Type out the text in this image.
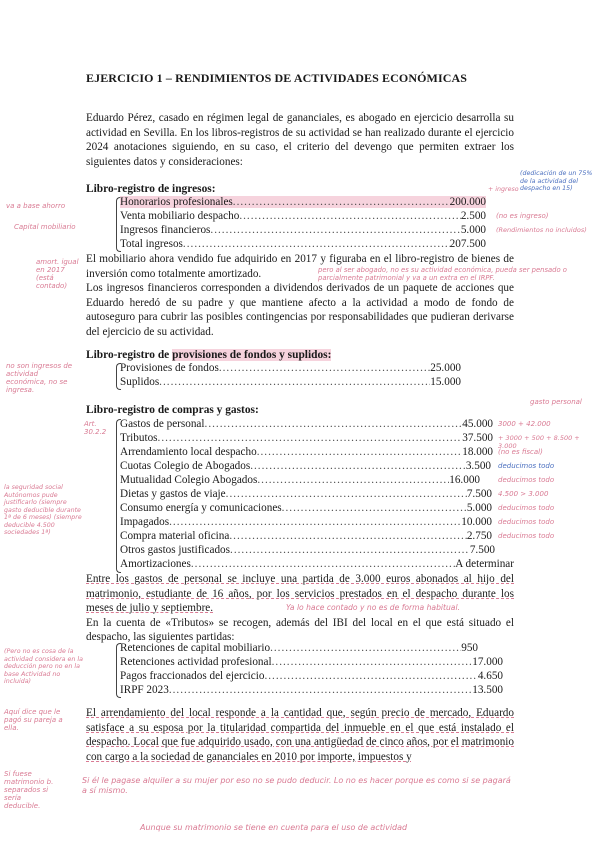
EJERCICIO 1 – RENDIMIENTOS DE ACTIVIDADES ECONÓMICAS

Eduardo Pérez, casado en régimen legal de gananciales, es abogado en ejercicio desarrolla su actividad en Sevilla. En los libros-registros de su actividad se han realizado durante el ejercicio 2024 anotaciones siguiendo, en su caso, el criterio del devengo que permiten extraer los siguientes datos y consideraciones:

Libro-registro de ingresos:
Honorarios profesionales .....	200.000
Venta mobiliario despacho .....	2.500
Ingresos financieros .....	5.000
Total ingresos .....	207.500

El mobiliario ahora vendido fue adquirido en 2017 y figuraba en el libro-registro de bienes de inversión como totalmente amortizado.

Los ingresos financieros corresponden a dividendos derivados de un paquete de acciones que Eduardo heredó de su padre y que mantiene afecto a la actividad a modo de fondo de autoseguro para cubrir las posibles contingencias por responsabilidades que pudieran derivarse del ejercicio de su actividad.

Libro-registro de provisiones de fondos y suplidos:
Provisiones de fondos .....	25.000
Suplidos .....	15.000
Libro-registro de compras y gastos:
Gastos de personal .....	45.000
Tributos .....	37.500
Arrendamiento local despacho .....	18.000
Cuotas Colegio de Abogados .....	3.500
Mutualidad Colegio Abogados .....	16.000
Dietas y gastos de viaje .....	7.500
Consumo energía y comunicaciones .....	5.000
Impagados .....	10.000
Compra material oficina .....	2.750
Otros gastos justificados .....	7.500
Amortizaciones .....	A determinar

Entre los gastos de personal se incluye una partida de 3.000 euros abonados al hijo del matrimonio, estudiante de 16 años, por los servicios prestados en el despacho durante los meses de julio y septiembre.

En la cuenta de «Tributos» se recogen, además del IBI del local en el que está situado el despacho, las siguientes partidas:

Retenciones de capital mobiliario .....	950
Retenciones actividad profesional .....	17.000
Pagos fraccionados del ejercicio .....	4.650
IRPF 2023 .....	13.500

El arrendamiento del local responde a la cantidad que, según precio de mercado, Eduardo satisface a su esposa por la titularidad compartida del inmueble en el que está instalado el despacho. Local que fue adquirido usado, con una antigüedad de cinco años, por el matrimonio con cargo a la sociedad de gananciales en 2010 por importe, impuestos y

va a base ahorro
Capital mobiliario
amort. igual en 2017 (está contado)
no son ingresos de actividad económica, no se ingresa.
Art. 30.2.2
la seguridad social Autónomos pude justificarlo (siempre gasto deducible durante 1ª de 6 meses) (siempre deducible 4.500 sociedades 1ª)
(Pero no es cosa de la actividad considera en la deducción pero no en la base Actividad no incluida)
Aquí dice que le pagó su pareja a ella.
Si fuese matrimonio b. separados si sería deducible.
Ya lo hace contado y no es de forma habitual.
pero al ser abogado, no es su actividad económica, pueda ser pensado o parcialmente patrimonial y va a un extra en el IRPF.
Si él le pagase alquiler a su mujer por eso no se pudo deducir. Lo no es hacer porque es como si se pagará a sí mismo.
Aunque su matrimonio se tiene en cuenta para el uso de actividad
+ ingreso
(dedicación de un 75% de la actividad del despacho en 15)
(no es ingreso)
(Rendimientos no incluidos)
gasto personal
3000 + 42.000
+ 3000 + 500 + 8.500 + 3.000
(no es fiscal)
deducimos todo
deducimos todo
4.500 > 3.000
deducimos todo
deducimos todo
deducimos todo
